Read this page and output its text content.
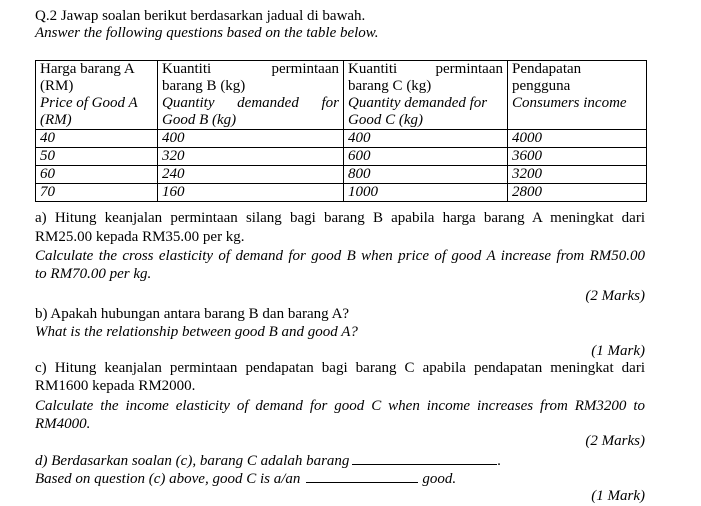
Q.2 Jawap soalan berikut berdasarkan jadual di bawah.
Answer the following questions based on the table below.
Harga barang A
(RM)
Price of Good A
(RM)	Kuantiti permintaan
barang B (kg)
Quantity demanded for
Good B (kg)	Kuantiti permintaan
barang C (kg)
Quantity demanded for
Good C (kg)	Pendapatan
pengguna
Consumers income

40	400	400	4000
50	320	600	3600
60	240	800	3200
70	160	1000	2800
a) Hitung keanjalan permintaan silang bagi barang B apabila harga barang A meningkat dari
RM25.00 kepada RM35.00 per kg.
Calculate the cross elasticity of demand for good B when price of good A increase from RM50.00
to RM70.00 per kg.
(2 Marks)
b) Apakah hubungan antara barang B dan barang A?
What is the relationship between good B and good A?
(1 Mark)
c) Hitung keanjalan permintaan pendapatan bagi barang C apabila pendapatan meningkat dari
RM1600 kepada RM2000.
Calculate the income elasticity of demand for good C when income increases from RM3200 to
RM4000.
(2 Marks)
d) Berdasarkan soalan (c), barang C adalah barang	.
Based on question (c) above, good C is a/an	good.
(1 Mark)
